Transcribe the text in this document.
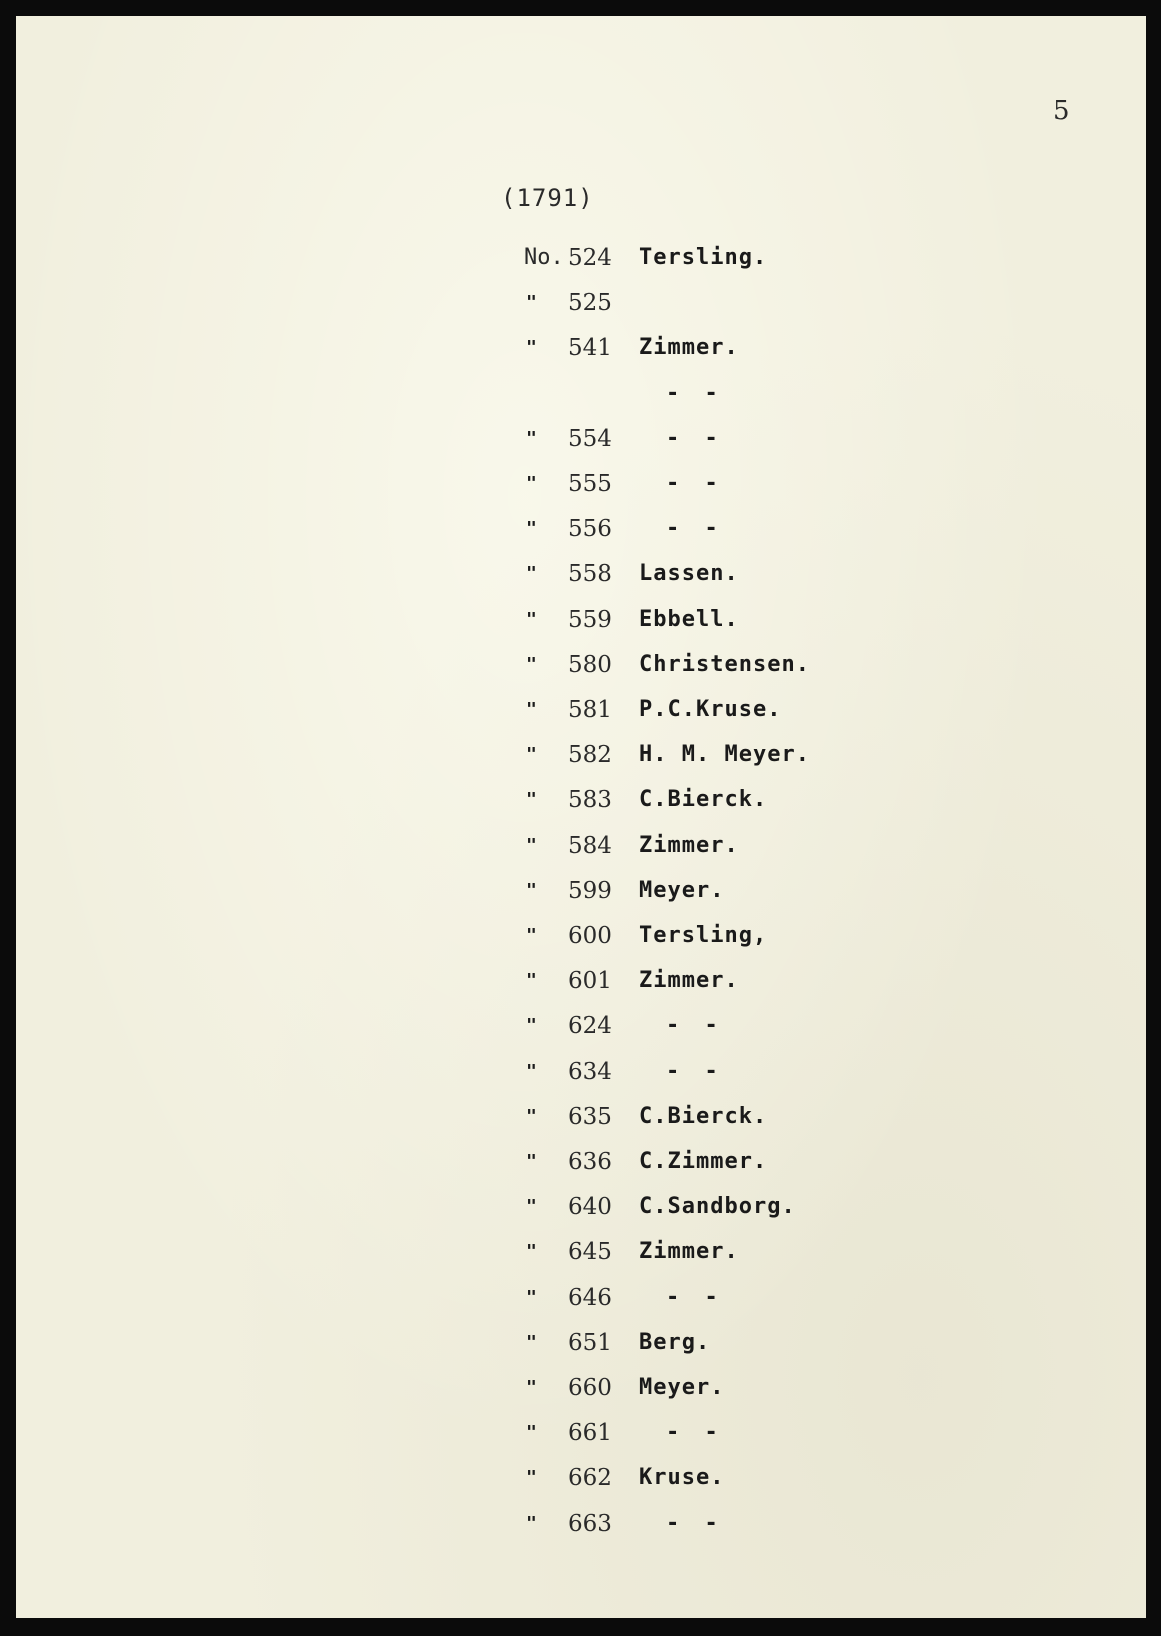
5
(1791)
No. 524 Tersling.
"	525
"	541 Zimmer.
- -
"	554 - -
"	555 - -
"	556 - -
"	558 Lassen.
"	559 Ebbell.
"	580 Christensen.
"	581 P.C.Kruse.
"	582 H. M. Meyer.
"	583 C.Bierck.
"	584 Zimmer.
"	599 Meyer.
"	600 Tersling,
"	601 Zimmer.
"	624 - -
"	634 - -
"	635 C.Bierck.
"	636 C.Zimmer.
"	640 C.Sandborg.
"	645 Zimmer.
"	646 - -
"	651 Berg.
"	660 Meyer.
"	661 - -
"	662 Kruse.
"	663 - -
